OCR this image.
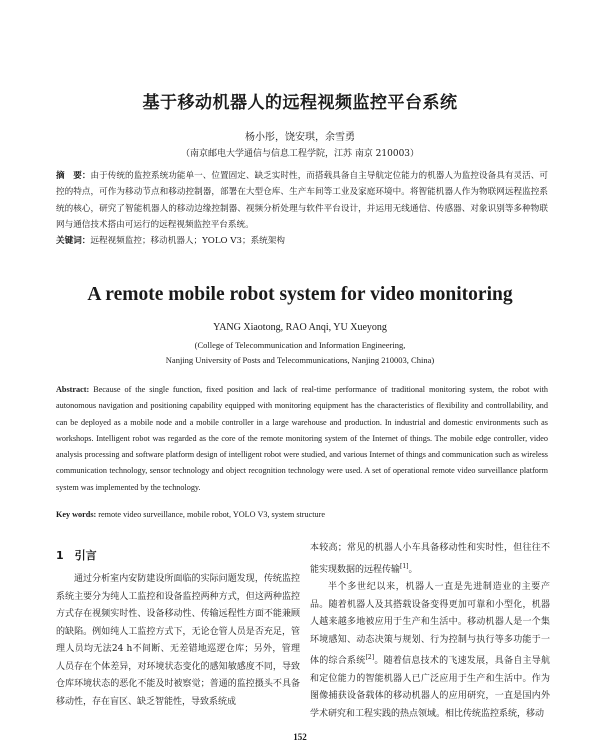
基于移动机器人的远程视频监控平台系统
杨小彤，饶安琪，余雪勇
（南京邮电大学通信与信息工程学院，江苏 南京 210003）
摘　要：由于传统的监控系统功能单一、位置固定、缺乏实时性，而搭载具备自主导航定位能力的机器人为监控设备具有灵活、可控的特点，可作为移动节点和移动控制器，部署在大型仓库、生产车间等工业及家庭环境中。将智能机器人作为物联网远程监控系统的核心，研究了智能机器人的移动边缘控制器、视频分析处理与软件平台设计，并运用无线通信、传感器、对象识别等多种物联网与通信技术搭由可运行的远程视频监控平台系统。
关键词：远程视频监控；移动机器人；YOLO V3；系统架构
A remote mobile robot system for video monitoring
YANG Xiaotong, RAO Anqi, YU Xueyong
(College of Telecommunication and Information Engineering,
Nanjing University of Posts and Telecommunications, Nanjing 210003, China)
Abstract: Because of the single function, fixed position and lack of real-time performance of traditional monitoring system, the robot with autonomous navigation and positioning capability equipped with monitoring equipment has the characteristics of flexibility and controllability, and can be deployed as a mobile node and a mobile controller in a large warehouse and production. In industrial and domestic environments such as workshops. Intelligent robot was regarded as the core of the remote monitoring system of the Internet of things. The mobile edge controller, video analysis processing and software platform design of intelligent robot were studied, and various Internet of things and communication such as wireless communication technology, sensor technology and object recognition technology were used. A set of operational remote video surveillance platform system was implemented by the technology.
Key words: remote video surveillance, mobile robot, YOLO V3, system structure
1　引言

通过分析室内安防建设所面临的实际问题发现，传统监控系统主要分为纯人工监控和设备监控两种方式，但这两种监控方式存在视频实时性、设备移动性、传输远程性方面不能兼顾的缺陷。例如纯人工监控方式下，无论仓管人员是否充足，管理人员均无法24 h不间断、无差错地巡逻仓库；另外，管理人员存在个体差异，对环境状态变化的感知敏感度不同，导致仓库环境状态的恶化不能及时被察觉；普通的监控摄头不具备移动性，存在盲区、缺乏智能性，导致系统成

本较高；常见的机器人小车具备移动性和实时性，但往往不能实现数据的远程传输[1]。

半个多世纪以来，机器人一直是先进制造业的主要产品。随着机器人及其搭载设备变得更加可靠和小型化，机器人越来越多地被应用于生产和生活中。移动机器人是一个集环境感知、动态决策与规划、行为控制与执行等多功能于一体的综合系统[2]。随着信息技术的飞速发展，具备自主导航和定位能力的智能机器人已广泛应用于生产和生活中。作为图像捕获设备载体的移动机器人的应用研究，一直是国内外学术研究和工程实践的热点领域。相比传统监控系统，移动

152
